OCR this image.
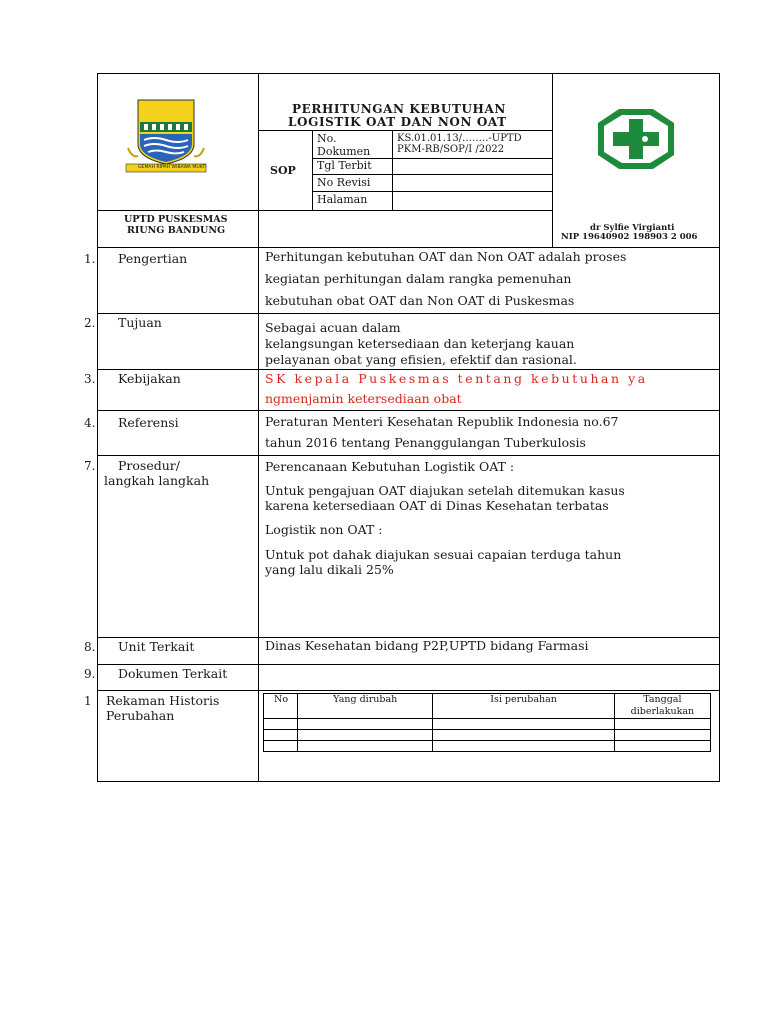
GEMAH RIPAH WIBAWA MUKTI
PERHITUNGAN KEBUTUHAN
LOGISTIK OAT DAN NON OAT
SOP
No.
Dokumen
KS.01.01.13/……..-UPTD
PKM-RB/SOP/I /2022
Tgl Terbit
No Revisi
Halaman
UPTD PUSKESMAS
RIUNG BANDUNG	dr Sylfie Virgianti
NIP 19640902 198903 2 006
1. Pengertian	Perhitungan kebutuhan OAT dan Non OAT adalah proses
kegiatan perhitungan dalam rangka pemenuhan
kebutuhan obat OAT dan Non OAT di Puskesmas
2. Tujuan	Sebagai acuan dalam
kelangsungan ketersediaan dan keterjang kauan
pelayanan obat yang efisien, efektif dan rasional.
3. Kebijakan	SK kepala Puskesmas tentang kebutuhan ya
ngmenjamin ketersediaan obat
4. Referensi	Peraturan Menteri Kesehatan Republik Indonesia no.67
tahun 2016 tentang Penanggulangan Tuberkulosis
7. Prosedur/
langkah langkah
Perencanaan Kebutuhan Logistik OAT :
Untuk pengajuan OAT diajukan setelah ditemukan kasus
karena ketersediaan OAT di Dinas Kesehatan terbatas
Logistik non OAT :
Untuk pot dahak diajukan sesuai capaian terduga tahun
yang lalu dikali 25%
8. Unit Terkait	Dinas Kesehatan bidang P2P,UPTD bidang Farmasi
9. Dokumen Terkait
1 Rekaman Historis
Perubahan
No	Yang dirubah	Isi perubahan	Tanggal
diberlakukan
